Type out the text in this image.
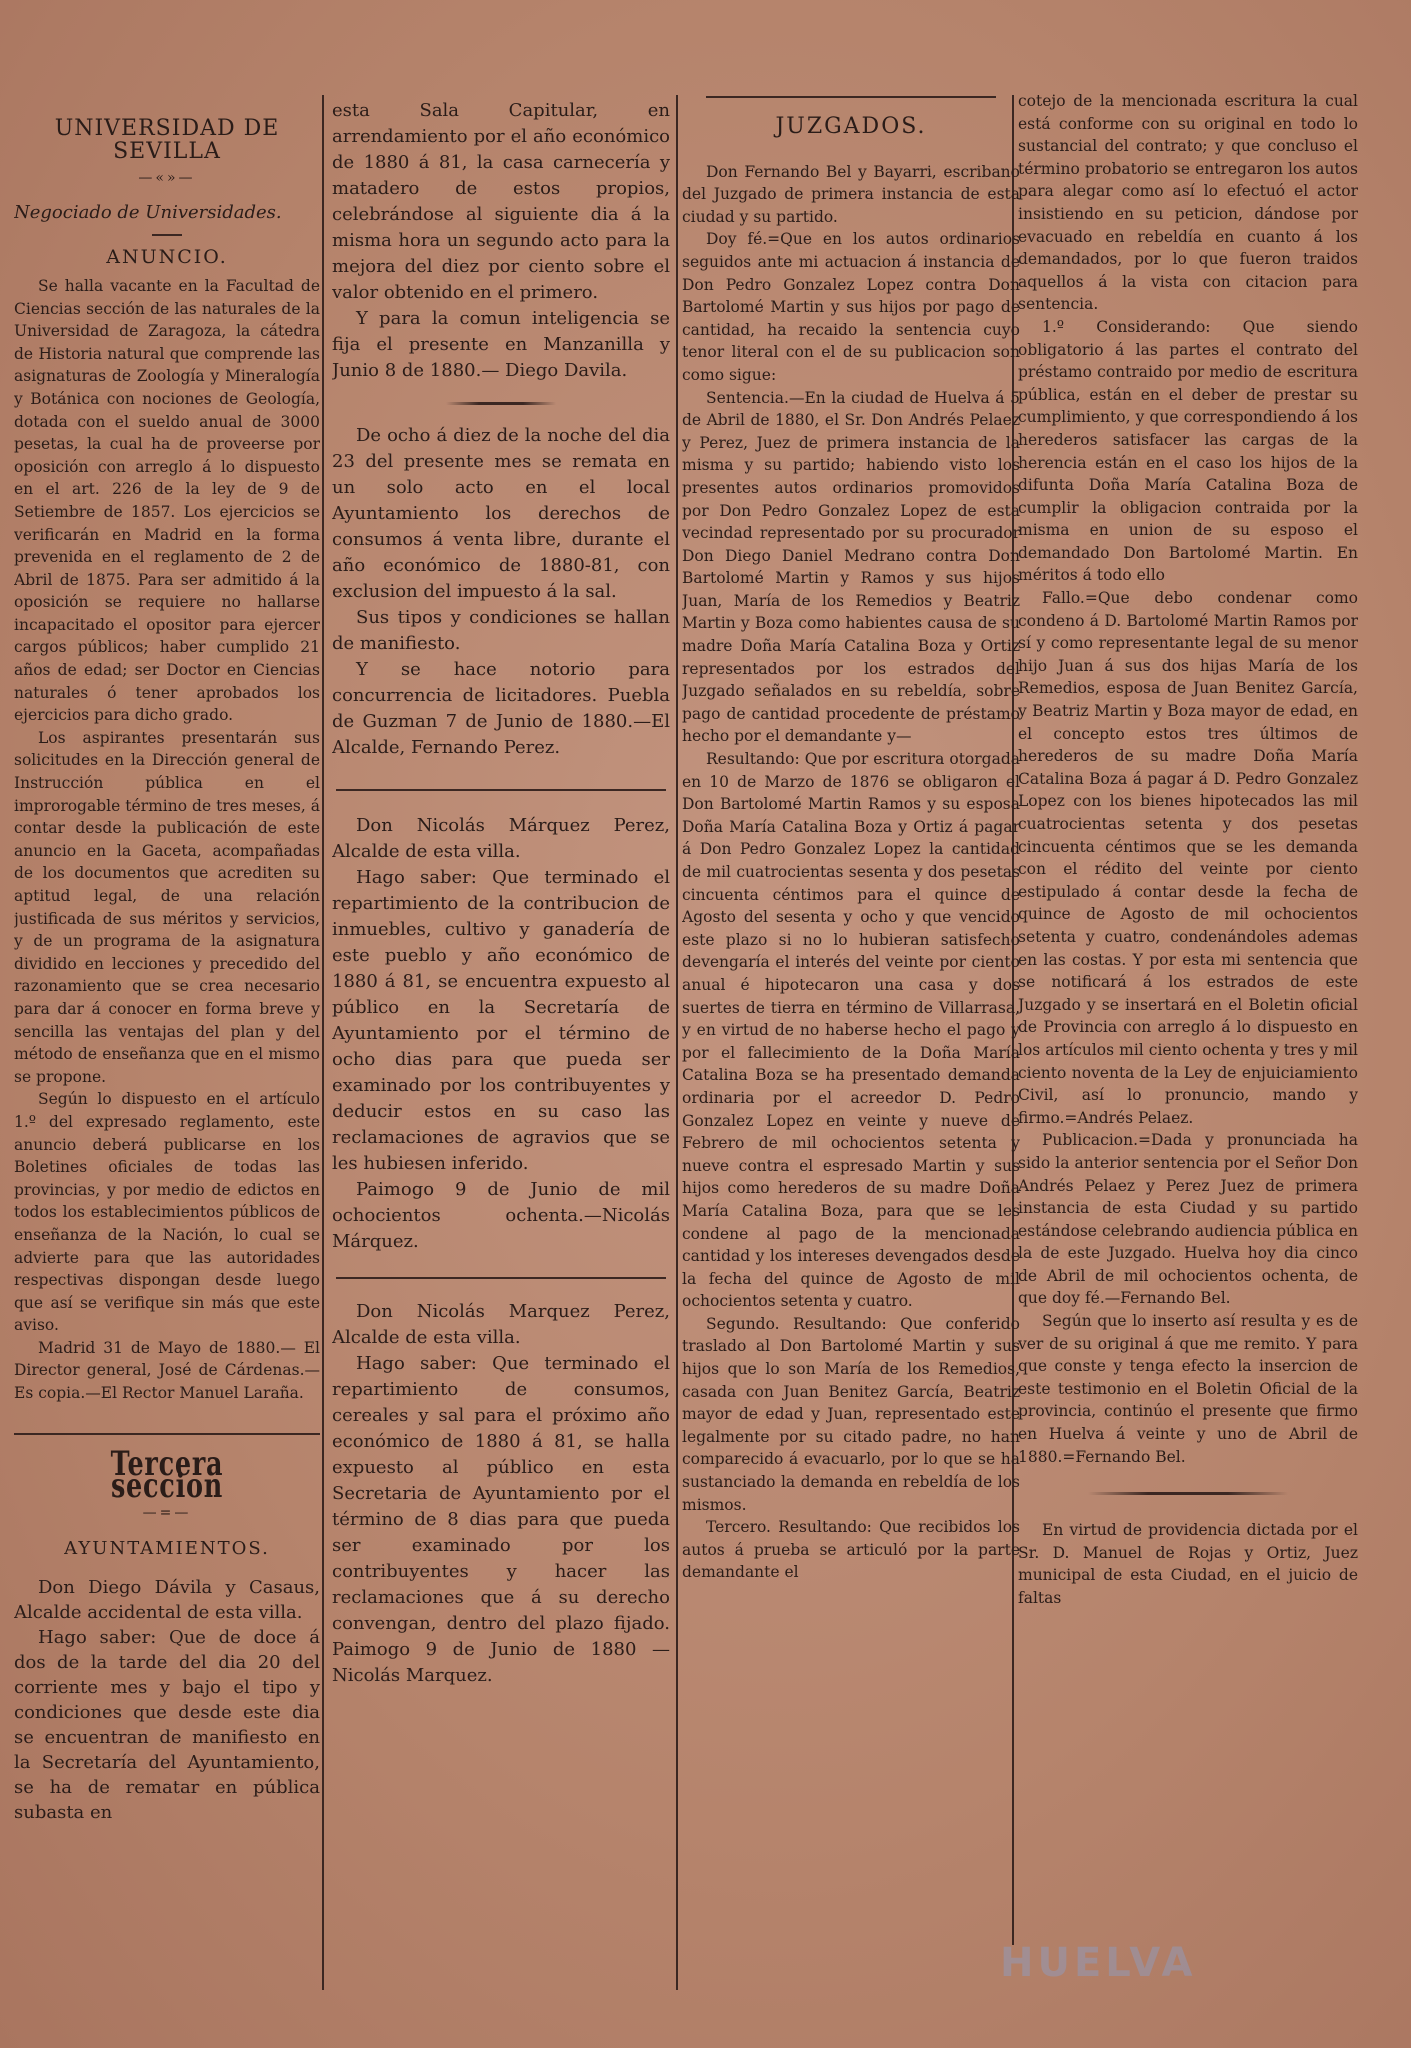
UNIVERSIDAD DE SEVILLA
—«»—
Negociado de Universidades.
ANUNCIO.

Se halla vacante en la Facultad de Ciencias sección de las naturales de la Universidad de Zaragoza, la cátedra de Historia natural que comprende las asignaturas de Zoología y Mineralogía y Botánica con nociones de Geología, dotada con el sueldo anual de 3000 pesetas, la cual ha de proveerse por oposición con arreglo á lo dispuesto en el art. 226 de la ley de 9 de Setiembre de 1857. Los ejercicios se verificarán en Madrid en la forma prevenida en el reglamento de 2 de Abril de 1875. Para ser admitido á la oposición se requiere no hallarse incapacitado el opositor para ejercer cargos públicos; haber cumplido 21 años de edad; ser Doctor en Ciencias naturales ó tener aprobados los ejercicios para dicho grado.

Los aspirantes presentarán sus solicitudes en la Dirección general de Instrucción pública en el improrogable término de tres meses, á contar desde la publicación de este anuncio en la Gaceta, acompañadas de los documentos que acrediten su aptitud legal, de una relación justificada de sus méritos y servicios, y de un programa de la asignatura dividido en lecciones y precedido del razonamiento que se crea necesario para dar á conocer en forma breve y sencilla las ventajas del plan y del método de enseñanza que en el mismo se propone.

Según lo dispuesto en el artículo 1.º del expresado reglamento, este anuncio deberá publicarse en los Boletines oficiales de todas las provincias, y por medio de edictos en todos los establecimientos públicos de enseñanza de la Nación, lo cual se advierte para que las autoridades respectivas dispongan desde luego que así se verifique sin más que este aviso.

Madrid 31 de Mayo de 1880.— El Director general, José de Cárdenas.—Es copia.—El Rector Manuel Laraña.

Tercera seccion
—=—
AYUNTAMIENTOS.

Don Diego Dávila y Casaus, Alcalde accidental de esta villa.

Hago saber: Que de doce á dos de la tarde del dia 20 del corriente mes y bajo el tipo y condiciones que desde este dia se encuentran de manifiesto en la Secretaría del Ayuntamiento, se ha de rematar en pública subasta en

esta Sala Capitular, en arrendamiento por el año económico de 1880 á 81, la casa carnecería y matadero de estos propios, celebrándose al siguiente dia á la misma hora un segundo acto para la mejora del diez por ciento sobre el valor obtenido en el primero.

Y para la comun inteligencia se fija el presente en Manzanilla y Junio 8 de 1880.— Diego Davila.

De ocho á diez de la noche del dia 23 del presente mes se remata en un solo acto en el local Ayuntamiento los derechos de consumos á venta libre, durante el año económico de 1880-81, con exclusion del impuesto á la sal.

Sus tipos y condiciones se hallan de manifiesto.

Y se hace notorio para concurrencia de licitadores. Puebla de Guzman 7 de Junio de 1880.—El Alcalde, Fernando Perez.

Don Nicolás Márquez Perez, Alcalde de esta villa.

Hago saber: Que terminado el repartimiento de la contribucion de inmuebles, cultivo y ganadería de este pueblo y año económico de 1880 á 81, se encuentra expuesto al público en la Secretaría de Ayuntamiento por el término de ocho dias para que pueda ser examinado por los contribuyentes y deducir estos en su caso las reclamaciones de agravios que se les hubiesen inferido.

Paimogo 9 de Junio de mil ochocientos ochenta.—Nicolás Márquez.

Don Nicolás Marquez Perez, Alcalde de esta villa.

Hago saber: Que terminado el repartimiento de consumos, cereales y sal para el próximo año económico de 1880 á 81, se halla expuesto al público en esta Secretaria de Ayuntamiento por el término de 8 dias para que pueda ser examinado por los contribuyentes y hacer las reclamaciones que á su derecho convengan, dentro del plazo fijado. Paimogo 9 de Junio de 1880 —Nicolás Marquez.

JUZGADOS.

Don Fernando Bel y Bayarri, escribano del Juzgado de primera instancia de esta ciudad y su partido.

Doy fé.=Que en los autos ordinarios seguidos ante mi actuacion á instancia de Don Pedro Gonzalez Lopez contra Don Bartolomé Martin y sus hijos por pago de cantidad, ha recaido la sentencia cuyo tenor literal con el de su publicacion son como sigue:

Sentencia.—En la ciudad de Huelva á 5 de Abril de 1880, el Sr. Don Andrés Pelaez y Perez, Juez de primera instancia de la misma y su partido; habiendo visto los presentes autos ordinarios promovidos por Don Pedro Gonzalez Lopez de esta vecindad representado por su procurador Don Diego Daniel Medrano contra Don Bartolomé Martin y Ramos y sus hijos Juan, María de los Remedios y Beatriz Martin y Boza como habientes causa de su madre Doña María Catalina Boza y Ortiz representados por los estrados del Juzgado señalados en su rebeldía, sobre pago de cantidad procedente de préstamo hecho por el demandante y—

Resultando: Que por escritura otorgada en 10 de Marzo de 1876 se obligaron el Don Bartolomé Martin Ramos y su esposa Doña María Catalina Boza y Ortiz á pagar á Don Pedro Gonzalez Lopez la cantidad de mil cuatrocientas sesenta y dos pesetas cincuenta céntimos para el quince de Agosto del sesenta y ocho y que vencido este plazo si no lo hubieran satisfecho devengaría el interés del veinte por ciento anual é hipotecaron una casa y dos suertes de tierra en término de Villarrasa, y en virtud de no haberse hecho el pago y por el fallecimiento de la Doña María Catalina Boza se ha presentado demanda ordinaria por el acreedor D. Pedro Gonzalez Lopez en veinte y nueve de Febrero de mil ochocientos setenta y nueve contra el espresado Martin y sus hijos como herederos de su madre Doña María Catalina Boza, para que se les condene al pago de la mencionada cantidad y los intereses devengados desde la fecha del quince de Agosto de mil ochocientos setenta y cuatro.

Segundo. Resultando: Que conferido traslado al Don Bartolomé Martin y sus hijos que lo son María de los Remedios, casada con Juan Benitez García, Beatriz mayor de edad y Juan, representado este legalmente por su citado padre, no han comparecido á evacuarlo, por lo que se ha sustanciado la demanda en rebeldía de los mismos.

Tercero. Resultando: Que recibidos los autos á prueba se articuló por la parte demandante el

cotejo de la mencionada escritura la cual está conforme con su original en todo lo sustancial del contrato; y que concluso el término probatorio se entregaron los autos para alegar como así lo efectuó el actor insistiendo en su peticion, dándose por evacuado en rebeldía en cuanto á los demandados, por lo que fueron traidos aquellos á la vista con citacion para sentencia.

1.º Considerando: Que siendo obligatorio á las partes el contrato del préstamo contraido por medio de escritura pública, están en el deber de prestar su cumplimiento, y que correspondiendo á los herederos satisfacer las cargas de la herencia están en el caso los hijos de la difunta Doña María Catalina Boza de cumplir la obligacion contraida por la misma en union de su esposo el demandado Don Bartolomé Martin. En méritos á todo ello

Fallo.=Que debo condenar como condeno á D. Bartolomé Martin Ramos por sí y como representante legal de su menor hijo Juan á sus dos hijas María de los Remedios, esposa de Juan Benitez García, y Beatriz Martin y Boza mayor de edad, en el concepto estos tres últimos de herederos de su madre Doña María Catalina Boza á pagar á D. Pedro Gonzalez Lopez con los bienes hipotecados las mil cuatrocientas setenta y dos pesetas cincuenta céntimos que se les demanda con el rédito del veinte por ciento estipulado á contar desde la fecha de quince de Agosto de mil ochocientos setenta y cuatro, condenándoles ademas en las costas. Y por esta mi sentencia que se notificará á los estrados de este Juzgado y se insertará en el Boletin oficial de Provincia con arreglo á lo dispuesto en los artículos mil ciento ochenta y tres y mil ciento noventa de la Ley de enjuiciamiento Civil, así lo pronuncio, mando y firmo.=Andrés Pelaez.

Publicacion.=Dada y pronunciada ha sido la anterior sentencia por el Señor Don Andrés Pelaez y Perez Juez de primera instancia de esta Ciudad y su partido estándose celebrando audiencia pública en la de este Juzgado. Huelva hoy dia cinco de Abril de mil ochocientos ochenta, de que doy fé.—Fernando Bel.

Según que lo inserto así resulta y es de ver de su original á que me remito. Y para que conste y tenga efecto la insercion de este testimonio en el Boletin Oficial de la provincia, continúo el presente que firmo en Huelva á veinte y uno de Abril de 1880.=Fernando Bel.

En virtud de providencia dictada por el Sr. D. Manuel de Rojas y Ortiz, Juez municipal de esta Ciudad, en el juicio de faltas

HUELVA
